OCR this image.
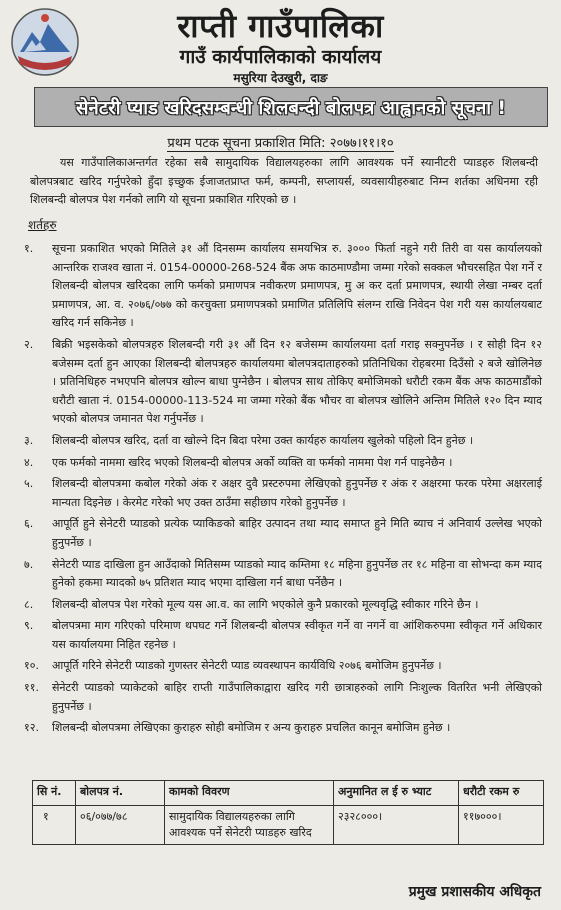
राप्ती गाउँपालिका
गाउँ कार्यपालिकाको कार्यालय
मसुरिया देउखुरी, दाङ
सेनेटरी प्याड खरिदसम्बन्धी शिलबन्दी बोलपत्र आह्वानको सूचना !
प्रथम पटक सूचना प्रकाशित मिति: २०७७।११।१०

यस गाउँपालिकाअन्तर्गत रहेका सबै सामुदायिक विद्यालयहरुका लागि आवश्यक पर्ने स्यानीटरी प्याडहरु शिलबन्दी बोलपत्रबाट खरिद गर्नुपरेको हुँदा इच्छुक ईजाजतप्राप्त फर्म, कम्पनी, सप्लायर्स, व्यवसायीहरुबाट निम्न शर्तका अधिनमा रही शिलबन्दी बोलपत्र पेश गर्नको लागि यो सूचना प्रकाशित गरिएको छ ।

शर्तहरु
१.	सूचना प्रकाशित भएको मितिले ३१ औं दिनसम्म कार्यालय समयभित्र रु. ३००० फिर्ता नहुने गरी तिरी वा यस कार्यालयको आन्तरिक राजश्व खाता नं. 0154-00000-268-524 बैंक अफ काठमाण्डौमा जम्मा गरेको सक्कल भौचरसहित पेश गर्ने र शिलबन्दी बोलपत्र खरिदका लागि फर्मको प्रमाणपत्र नवीकरण प्रमाणपत्र, मु अ कर दर्ता प्रमाणपत्र, स्थायी लेखा नम्बर दर्ता प्रमाणपत्र, आ. व. २०७६/०७७ को करचुक्ता प्रमाणपत्रको प्रमाणित प्रतिलिपि संलग्न राखि निवेदन पेश गरी यस कार्यालयबाट खरिद गर्न सकिनेछ ।
२.	बिक्री भइसकेको बोलपत्रहरु शिलबन्दी गरी ३१ औं दिन १२ बजेसम्म कार्यालयमा दर्ता गराइ सक्नुपर्नेछ । र सोही दिन १२ बजेसम्म दर्ता हुन आएका शिलबन्दी बोलपत्रहरु कार्यालयमा बोलपत्रदाताहरुको प्रतिनिधिका रोहबरमा दिउँसो २ बजे खोलिनेछ । प्रतिनिधिहरु नभएपनि बोलपत्र खोल्न बाधा पुग्नेछैन । बोलपत्र साथ तोकिए बमोजिमको धरौटी रकम बैंक अफ काठमाडौंको धरौटी खाता नं. 0154-00000-113-524 मा जम्मा गरेको बैंक भौचर वा बोलपत्र खोलिने अन्तिम मितिले १२० दिन म्याद भएको बोलपत्र जमानत पेश गर्नुपर्नेछ ।
३.	शिलबन्दी बोलपत्र खरिद, दर्ता वा खोल्ने दिन बिदा परेमा उक्त कार्यहरु कार्यालय खुलेको पहिलो दिन हुनेछ ।
४.	एक फर्मको नाममा खरिद भएको शिलबन्दी बोलपत्र अर्को व्यक्ति वा फर्मको नाममा पेश गर्न पाइनेछैन ।
५.	शिलबन्दी बोलपत्रमा कबोल गरेको अंक र अक्षर दुवै प्रस्टरुपमा लेखिएको हुनुपर्नेछ र अंक र अक्षरमा फरक परेमा अक्षरलाई मान्यता दिइनेछ । केरमेट गरेको भए उक्त ठाउँमा सहीछाप गरेको हुनुपर्नेछ ।
६.	आपूर्ति हुने सेनेटरी प्याडको प्रत्येक प्याकिङको बाहिर उत्पादन तथा म्याद समाप्त हुने मिति ब्याच नं अनिवार्य उल्लेख भएको हुनुपर्नेछ ।
७.	सेनेटरी प्याड दाखिला हुन आउँदाको मितिसम्म प्याडको म्याद कम्तिमा १८ महिना हुनुपर्नेछ तर १८ महिना वा सोभन्दा कम म्याद हुनेको हकमा म्यादको ७५ प्रतिशत म्याद भएमा दाखिला गर्न बाधा पर्नेछैन ।
८.	शिलबन्दी बोलपत्र पेश गरेको मूल्य यस आ.व. का लागि भएकोले कुनै प्रकारको मूल्यवृद्धि स्वीकार गरिने छैन ।
९.	बोलपत्रमा माग गरिएको परिमाण थपघट गर्ने शिलबन्दी बोलपत्र स्वीकृत गर्ने वा नगर्ने वा आंशिकरुपमा स्वीकृत गर्ने अधिकार यस कार्यालयमा निहित रहनेछ ।
१०.	आपूर्ति गरिने सेनेटरी प्याडको गुणस्तर सेनेटरी प्याड व्यवस्थापन कार्यविधि २०७६ बमोजिम हुनुपर्नेछ ।
११.	सेनेटरी प्याडको प्याकेटको बाहिर राप्ती गाउँपालिकाद्वारा खरिद गरी छात्राहरुको लागि निःशुल्क वितरित भनी लेखिएको हुनुपर्नेछ ।
१२.	शिलबन्दी बोलपत्रमा लेखिएका कुराहरु सोही बमोजिम र अन्य कुराहरु प्रचलित कानून बमोजिम हुनेछ ।
सि नं.	बोलपत्र नं.	कामको विवरण	अनुमानित ल ई रु भ्याट	धरौटी रकम रु
१	०६/०७७/७८	सामुदायिक विद्यालयहरुका लागि आवश्यक पर्ने सेनेटरी प्याडहरु खरिद	२३२८०००।	११७०००।
प्रमुख प्रशासकीय अधिकृत
